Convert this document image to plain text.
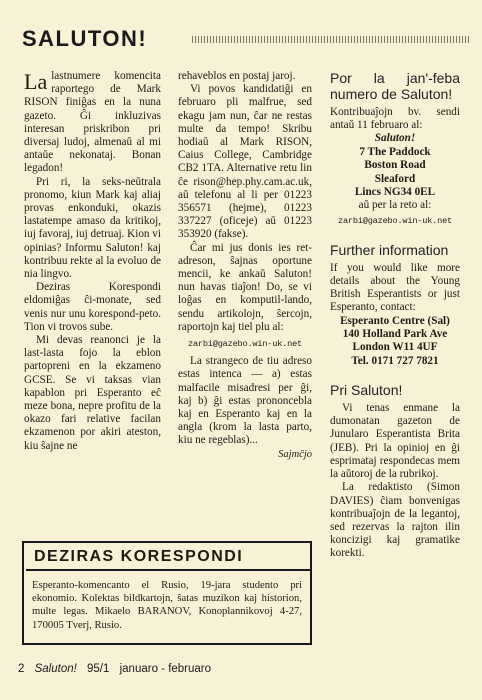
SALUTON!

La lastnumere komencita raportego de Mark RISON finiĝas en la nuna gazeto. Ĝi inkluzivas interesan priskribon pri diversaj ludoj, almenaŭ al mi antaŭe nekonataj. Bonan legadon!

Pri ri, la seks-neŭtrala pronomo, kiun Mark kaj aliaj provas enkonduki, okazis lastatempe amaso da kritikoj, iuj favoraj, iuj detruaj. Kion vi opinias? Informu Saluton! kaj kontribuu rekte al la evoluo de nia lingvo.

Deziras Korespondi eldomiĝas ĉi-monate, sed venis nur unu korespond-peto. Tion vi trovos sube.

Mi devas reanonci je la last-lasta fojo la eblon partopreni en la ekzameno GCSE. Se vi taksas vian kapablon pri Esperanto eĉ meze bona, nepre profitu de la okazo fari relative facilan ekzamenon por akiri ateston, kiu ŝajne ne

rehaveblos en postaj jaroj.

Vi povos kandidatiĝi en februaro pli malfrue, sed ekagu jam nun, ĉar ne restas multe da tempo! Skribu hodiaŭ al Mark RISON, Caius College, Cambridge CB2 1TA. Alternative retu lin ĉe rison@hep.phy.cam.ac.uk, aŭ telefonu al li per 01223 356571 (hejme), 01223 337227 (oficeje) aŭ 01223 353920 (fakse).

Ĉar mi jus donis ies ret-adreson, ŝajnas oportune mencii, ke ankaŭ Saluton! nun havas tiaĵon! Do, se vi loĝas en komputil-lando, sendu artikolojn, ŝercojn, raportojn kaj tiel plu al:

zarbi@gazebo.win-uk.net

La strangeco de tiu adreso estas intenca — a) estas malfacile misadresi per ĝi, kaj b) ĝi estas prononcebla kaj en Esperanto kaj en la angla (krom la lasta parto, kiu ne regeblas)...

Sajmĉjo

Por la jan'-feba numero de Saluton!

Kontribuaĵojn bv. sendi antaŭ 11 februaro al:

Saluton!
7 The Paddock
Boston Road
Sleaford
Lincs NG34 0EL

aŭ per la reto al:

zarbi@gazebo.win-uk.net

Further information

If you would like more details about the Young British Esperantists or just Esperanto, contact:

Esperanto Centre (Sal)
140 Holland Park Ave
London W11 4UF

Tel. 0171 727 7821

Pri Saluton!

Vi tenas enmane la dumonatan gazeton de Junularo Esperantista Brita (JEB). Pri la opinioj en ĝi esprimataj respondecas mem la aŭtoroj de la rubrikoj.

La redaktisto (Simon DAVIES) ĉiam bonvenigas kontribuaĵojn de la legantoj, sed rezervas la rajton ilin koncizigi kaj gramatike korekti.

DEZIRAS KORESPONDI
Esperanto-komencanto el Rusio, 19-jara studento pri ekonomio. Kolektas bildkartojn, ŝatas muzikon kaj historion, multe legas. Mikaelo BARANOV, Konoplannikovoj 4-27, 170005 Tverj, Rusio.
2 Saluton! 95/1 januaro - februaro
